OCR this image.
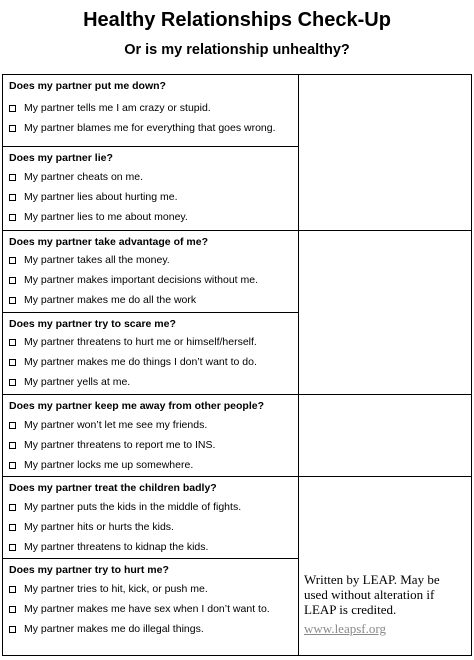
Healthy Relationships Check-Up
Or is my relationship unhealthy?
Does my partner put me down?
My partner tells me I am crazy or stupid.
My partner blames me for everything that goes wrong.
Does my partner lie?
My partner cheats on me.
My partner lies about hurting me.
My partner lies to me about money.
Does my partner take advantage of me?
My partner takes all the money.
My partner makes important decisions without me.
My partner makes me do all the work
Does my partner try to scare me?
My partner threatens to hurt me or himself/herself.
My partner makes me do things I don’t want to do.
My partner yells at me.
Does my partner keep me away from other people?
My partner won’t let me see my friends.
My partner threatens to report me to INS.
My partner locks me up somewhere.
Does my partner treat the children badly?
My partner puts the kids in the middle of fights.
My partner hits or hurts the kids.
My partner threatens to kidnap the kids.
Does my partner try to hurt me?
My partner tries to hit, kick, or push me.
My partner makes me have sex when I don’t want to.
My partner makes me do illegal things.
Written by LEAP. May be used without alteration if LEAP is credited.
www.leapsf.org
